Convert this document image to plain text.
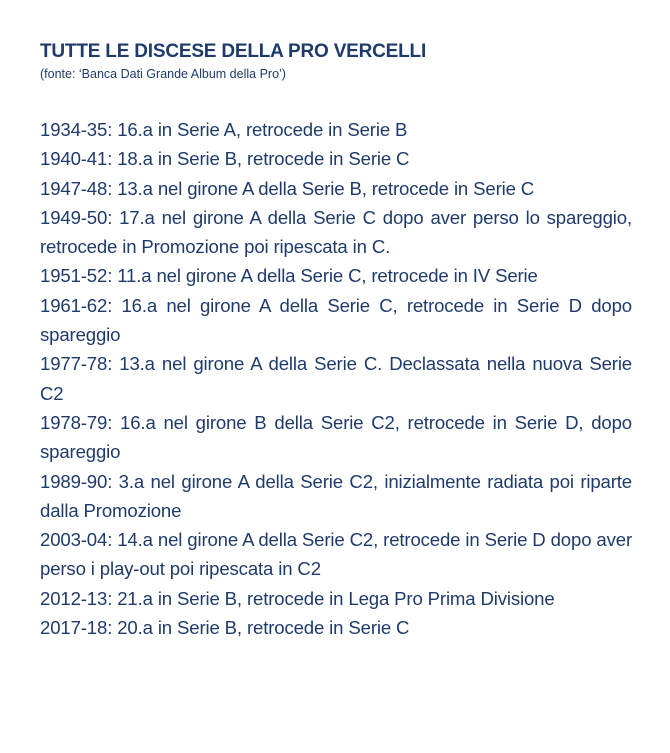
TUTTE LE DISCESE DELLA PRO VERCELLI
(fonte: ‘Banca Dati Grande Album della Pro’)

1934-35: 16.a in Serie A, retrocede in Serie B

1940-41: 18.a in Serie B, retrocede in Serie C

1947-48: 13.a nel girone A della Serie B, retrocede in Serie C

1949-50: 17.a nel girone A della Serie C dopo aver perso lo spareggio, retrocede in Promozione poi ripescata in C.

1951-52: 11.a nel girone A della Serie C, retrocede in IV Serie

1961-62: 16.a nel girone A della Serie C, retrocede in Serie D dopo spareggio

1977-78: 13.a nel girone A della Serie C. Declassata nella nuova Serie C2

1978-79: 16.a nel girone B della Serie C2, retrocede in Serie D, dopo spareggio

1989-90: 3.a nel girone A della Serie C2, inizialmente radiata poi riparte dalla Promozione

2003-04: 14.a nel girone A della Serie C2, retrocede in Serie D dopo aver perso i play-out poi ripescata in C2

2012-13: 21.a in Serie B, retrocede in Lega Pro Prima Divisione

2017-18: 20.a in Serie B, retrocede in Serie C
